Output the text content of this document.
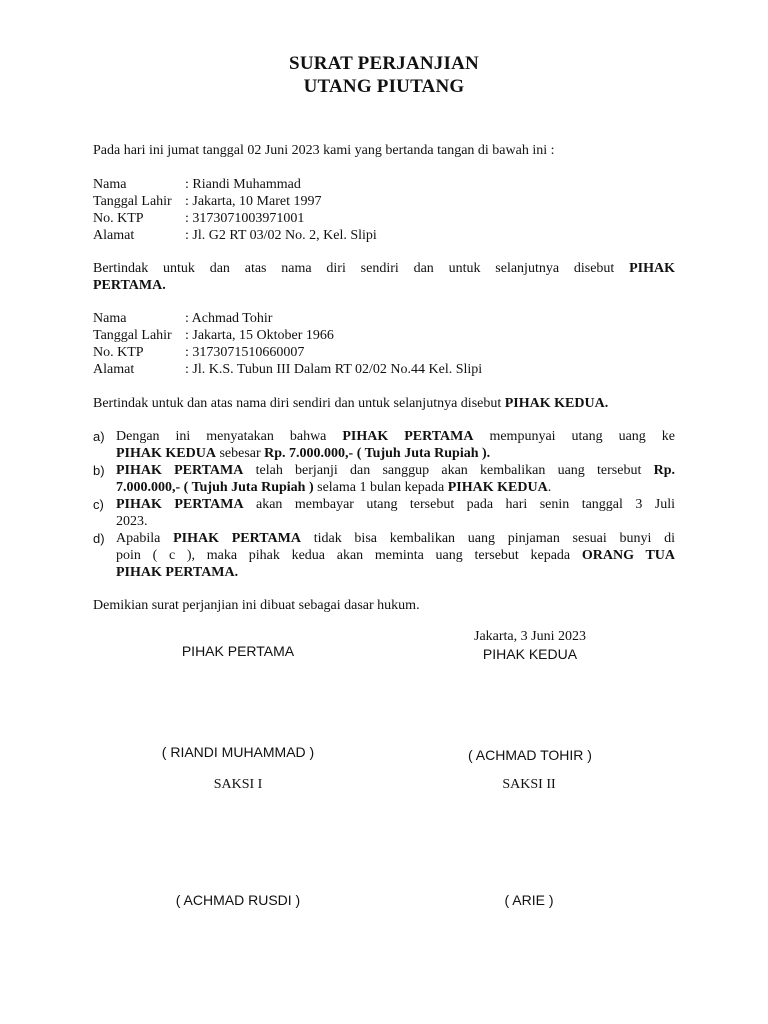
SURAT PERJANJIAN
UTANG PIUTANG
Pada hari ini jumat tanggal 02 Juni 2023 kami yang bertanda tangan di bawah ini :
Nama	: Riandi Muhammad
Tanggal Lahir : Jakarta, 10 Maret 1997
No. KTP	: 3173071003971001
Alamat	: Jl. G2 RT 03/02 No. 2, Kel. Slipi
Bertindak untuk dan atas nama diri sendiri dan untuk selanjutnya disebut PIHAK
PERTAMA.
Nama	: Achmad Tohir
Tanggal Lahir : Jakarta, 15 Oktober 1966
No. KTP	: 3173071510660007
Alamat	: Jl. K.S. Tubun III Dalam RT 02/02 No.44 Kel. Slipi
Bertindak untuk dan atas nama diri sendiri dan untuk selanjutnya disebut PIHAK KEDUA.
a) Dengan ini menyatakan bahwa PIHAK PERTAMA mempunyai utang uang ke
PIHAK KEDUA sebesar Rp. 7.000.000,- ( Tujuh Juta Rupiah ).
b) PIHAK PERTAMA telah berjanji dan sanggup akan kembalikan uang tersebut Rp.
7.000.000,- ( Tujuh Juta Rupiah ) selama 1 bulan kepada PIHAK KEDUA.
c) PIHAK PERTAMA akan membayar utang tersebut pada hari senin tanggal 3 Juli
2023.
d) Apabila PIHAK PERTAMA tidak bisa kembalikan uang pinjaman sesuai bunyi di
poin ( c ), maka pihak kedua akan meminta uang tersebut kepada ORANG TUA
PIHAK PERTAMA.
Demikian surat perjanjian ini dibuat sebagai dasar hukum.
Jakarta, 3 Juni 2023
PIHAK PERTAMA	PIHAK KEDUA
( RIANDI MUHAMMAD )	( ACHMAD TOHIR )
SAKSI I	SAKSI II
( ACHMAD RUSDI )	( ARIE )
